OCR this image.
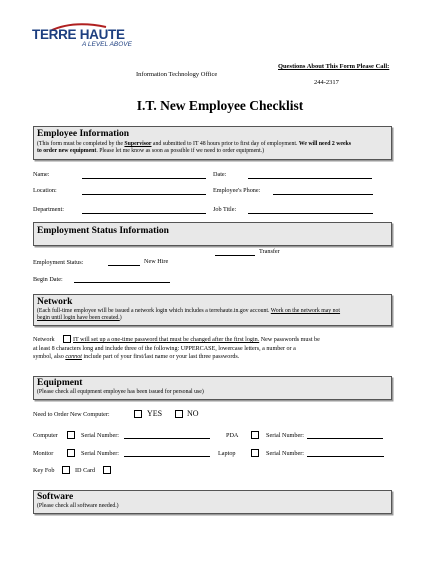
TERRE HAUTE
A LEVEL ABOVE
Questions About This Form Please Call:
Information Technology Office
244-2317
I.T. New Employee Checklist
Employee Information
(This form must be completed by the Supervisor and submitted to IT 48 hours prior to first day of employment. We will need 2 weeks
to order new equipment. Please let me know as soon as possible if we need to order equipment.)
Name:	Date:
Location:	Employee's Phone:
Department:	Job Title:
Employment Status Information
Transfer
Employment Status:	New Hire
Begin Date:
Network
(Each full-time employee will be issued a network login which includes a terrehaute.in.gov account. Work on the network may not
begin until login have been created.)
Network	IT will set up a one-time password that must be changed after the first login. New passwords must be
at least 8 characters long and include three of the following: UPPERCASE, lowercase letters, a number or a
symbol, also cannot include part of your first/last name or your last three passwords.
Equipment
(Please check all equipment employee has been issued for personal use)
Need to Order New Computer:	YES	NO
Computer	Serial Number:	PDA	Serial Number:
Monitor	Serial Number:	Laptop	Serial Number:
Key Fob	ID Card
Software
(Please check all software needed.)
